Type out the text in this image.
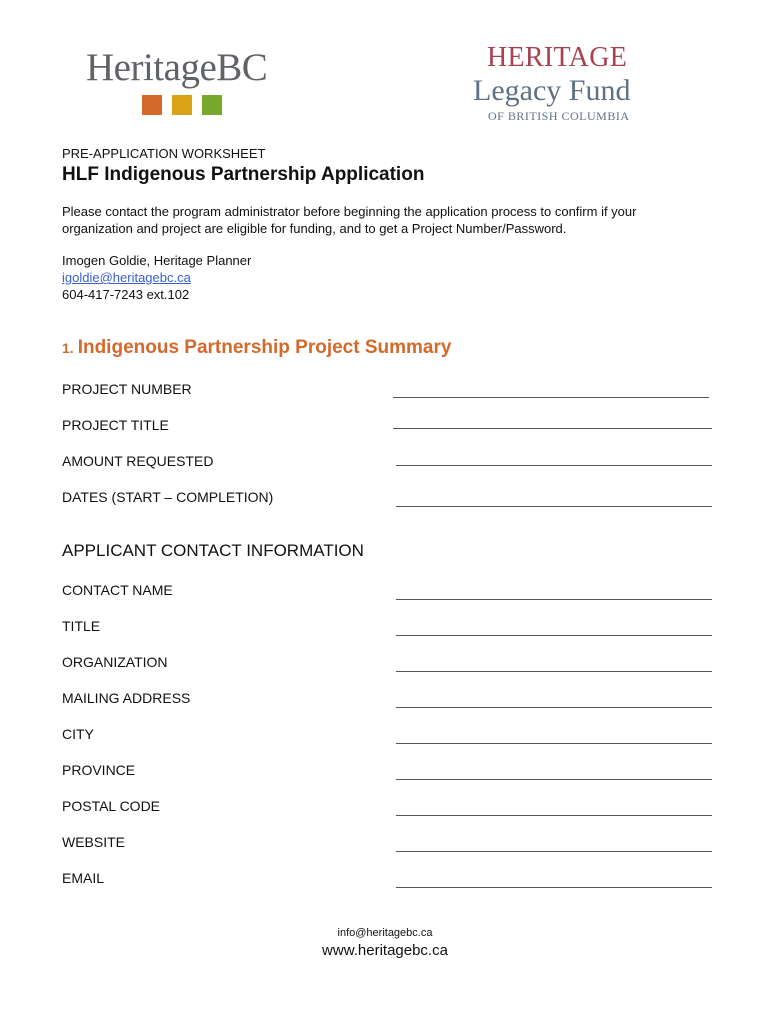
HeritageBC	HERITAGE
Legacy Fund
OF BRITISH COLUMBIA
PRE-APPLICATION WORKSHEET
HLF Indigenous Partnership Application
Please contact the program administrator before beginning the application process to confirm if your organization and project are eligible for funding, and to get a Project Number/Password.
Imogen Goldie, Heritage Planner
igoldie@heritagebc.ca
604-417-7243 ext.102
1. Indigenous Partnership Project Summary
PROJECT NUMBER
PROJECT TITLE
AMOUNT REQUESTED
DATES (START – COMPLETION)
APPLICANT CONTACT INFORMATION
CONTACT NAME
TITLE
ORGANIZATION
MAILING ADDRESS
CITY
PROVINCE
POSTAL CODE
WEBSITE
EMAIL
info@heritagebc.ca
www.heritagebc.ca
